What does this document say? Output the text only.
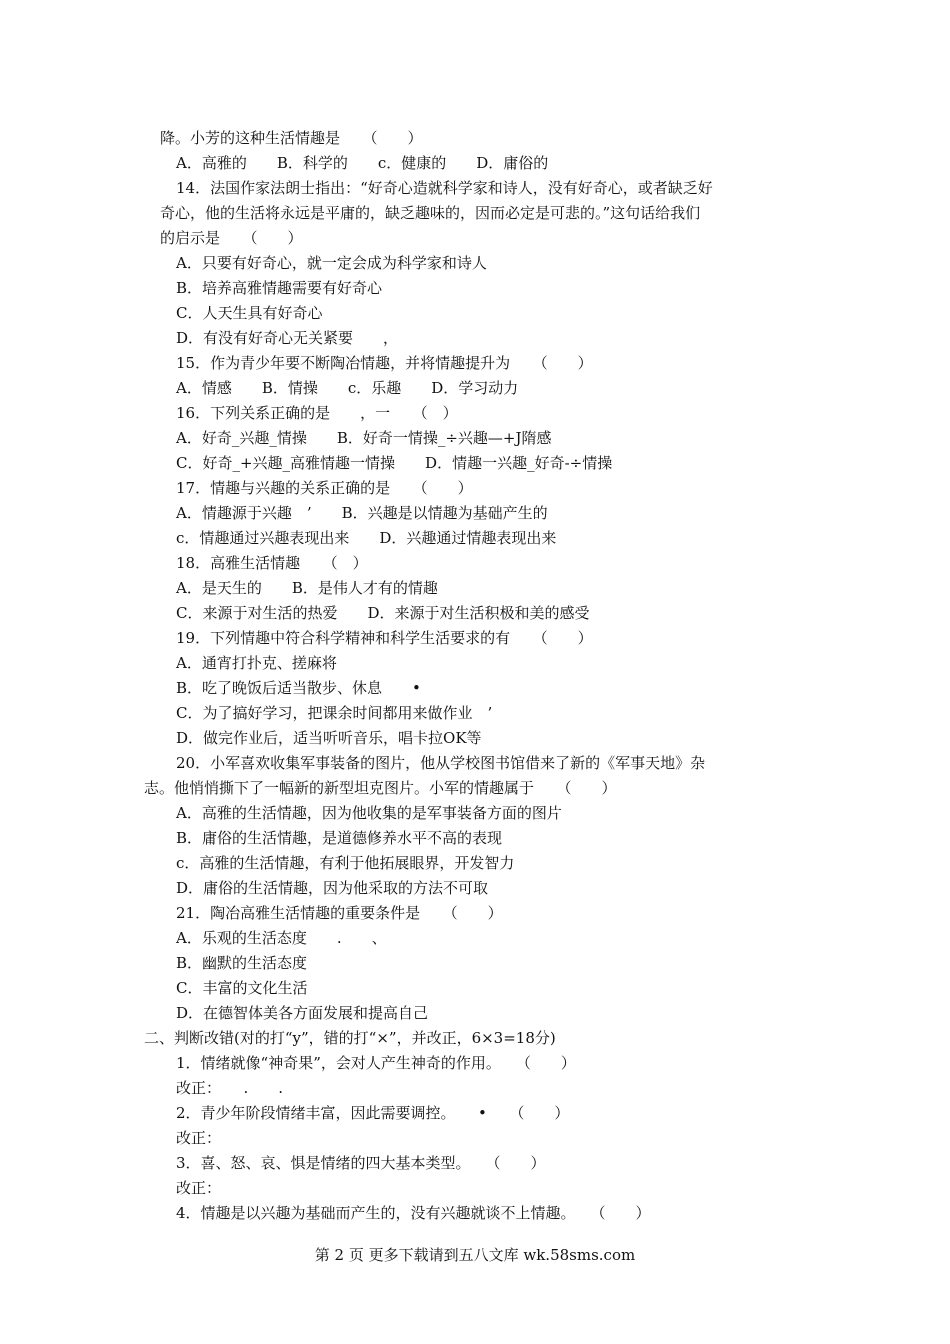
降。小芳的这种生活情趣是　　（　　）
A．高雅的　　B．科学的　　c．健康的　　D．庸俗的
14．法国作家法朗士指出：“好奇心造就科学家和诗人，没有好奇心，或者缺乏好
奇心，他的生活将永远是平庸的，缺乏趣味的，因而必定是可悲的。”这句话给我们
的启示是　　（　　）
A．只要有好奇心，就一定会成为科学家和诗人
B．培养高雅情趣需要有好奇心
C．人天生具有好奇心
D．有没有好奇心无关紧要　　，
15．作为青少年要不断陶冶情趣，并将情趣提升为　　（　　）
A．情感　　B．情操　　c．乐趣　　D．学习动力
16．下列关系正确的是　　，一　　（　）
A．好奇_兴趣_情操　　B．好奇一情操_÷兴趣—+J隋感
C．好奇_+兴趣_高雅情趣一情操　　D．情趣一兴趣_好奇-÷情操
17．情趣与兴趣的关系正确的是　　（　　）
A．情趣源于兴趣　’　　B．兴趣是以情趣为基础产生的
c．情趣通过兴趣表现出来　　D．兴趣通过情趣表现出来
18．高雅生活情趣　　（　）
A．是天生的　　B．是伟人才有的情趣
C．来源于对生活的热爱　　D．来源于对生活积极和美的感受
19．下列情趣中符合科学精神和科学生活要求的有　　（　　）
A．通宵打扑克、搓麻将
B．吃了晚饭后适当散步、休息　　•
C．为了搞好学习，把课余时间都用来做作业　’
D．做完作业后，适当听听音乐，唱卡拉OK等
20．小军喜欢收集军事装备的图片，他从学校图书馆借来了新的《军事天地》杂
志。他悄悄撕下了一幅新的新型坦克图片。小军的情趣属于　　（　　）
A．高雅的生活情趣，因为他收集的是军事装备方面的图片
B．庸俗的生活情趣，是道德修养水平不高的表现
c．高雅的生活情趣，有利于他拓展眼界，开发智力
D．庸俗的生活情趣，因为他采取的方法不可取
21．陶冶高雅生活情趣的重要条件是　　（　　）
A．乐观的生活态度　　.　　、
B．幽默的生活态度
C．丰富的文化生活
D．在德智体美各方面发展和提高自己
二、判断改错(对的打“y”，错的打“×”，并改正，6×3=18分)
1．情绪就像“神奇果”，会对人产生神奇的作用。　　（　　）
改正：　　.　　.
2．青少年阶段情绪丰富，因此需要调控。　　•　　（　　）
改正：
3．喜、怒、哀、惧是情绪的四大基本类型。　　（　　）
改正：
4．情趣是以兴趣为基础而产生的，没有兴趣就谈不上情趣。　　（　　）
第 2 页 更多下载请到五八文库 wk.58sms.com
